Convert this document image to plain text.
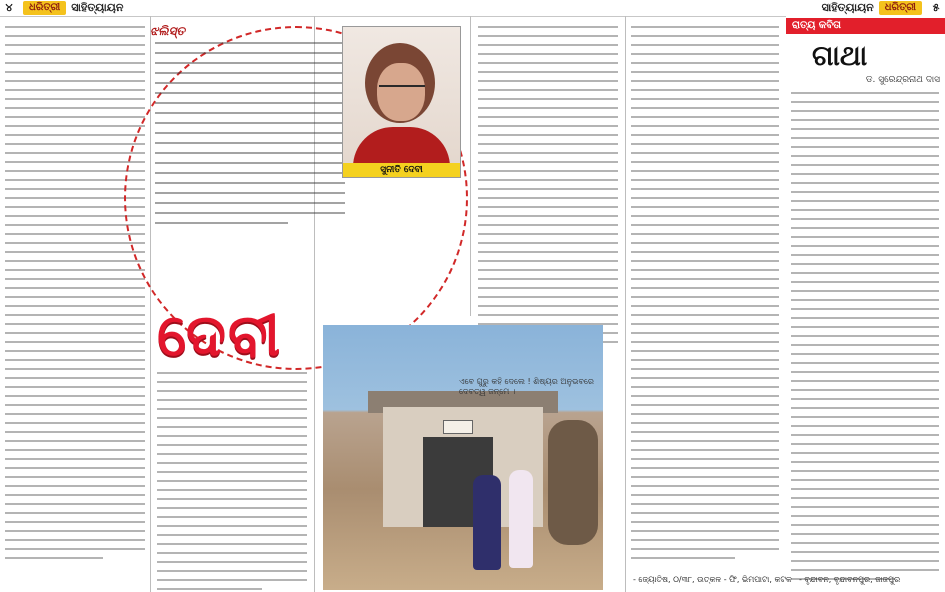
୪	ଧରିତ୍ରୀ	ସାହିତ୍ୟାୟନ	ସାହିତ୍ୟାୟନ	ଧରିତ୍ରୀ	୫
ଝଲିସ୍ତ
ସୁନୀତି ଦେବୀ
ଦେବୀ
ଏବେ ଗୁରୁ କହି ଦେଲେ ! ଶିଷ୍ୟର ଅନୁଭବରେ ଦେବତ୍ୱ ଜନ୍ମେ ।
ରାତ୍ୟ କବିତା
ଗାଥା
ଡ. ସୁରେନ୍ଦ୍ରନାଥ ଦାସ
- ବୃନ୍ଦାବନ, ବୃନ୍ଦାବନପୁର, ଜାଜପୁର
- ଜ୍ୟୋତିଷ, ୦/୩୮, ଉତ୍କଳ - ଫି, ଭିମପାଟା, କଟକ
